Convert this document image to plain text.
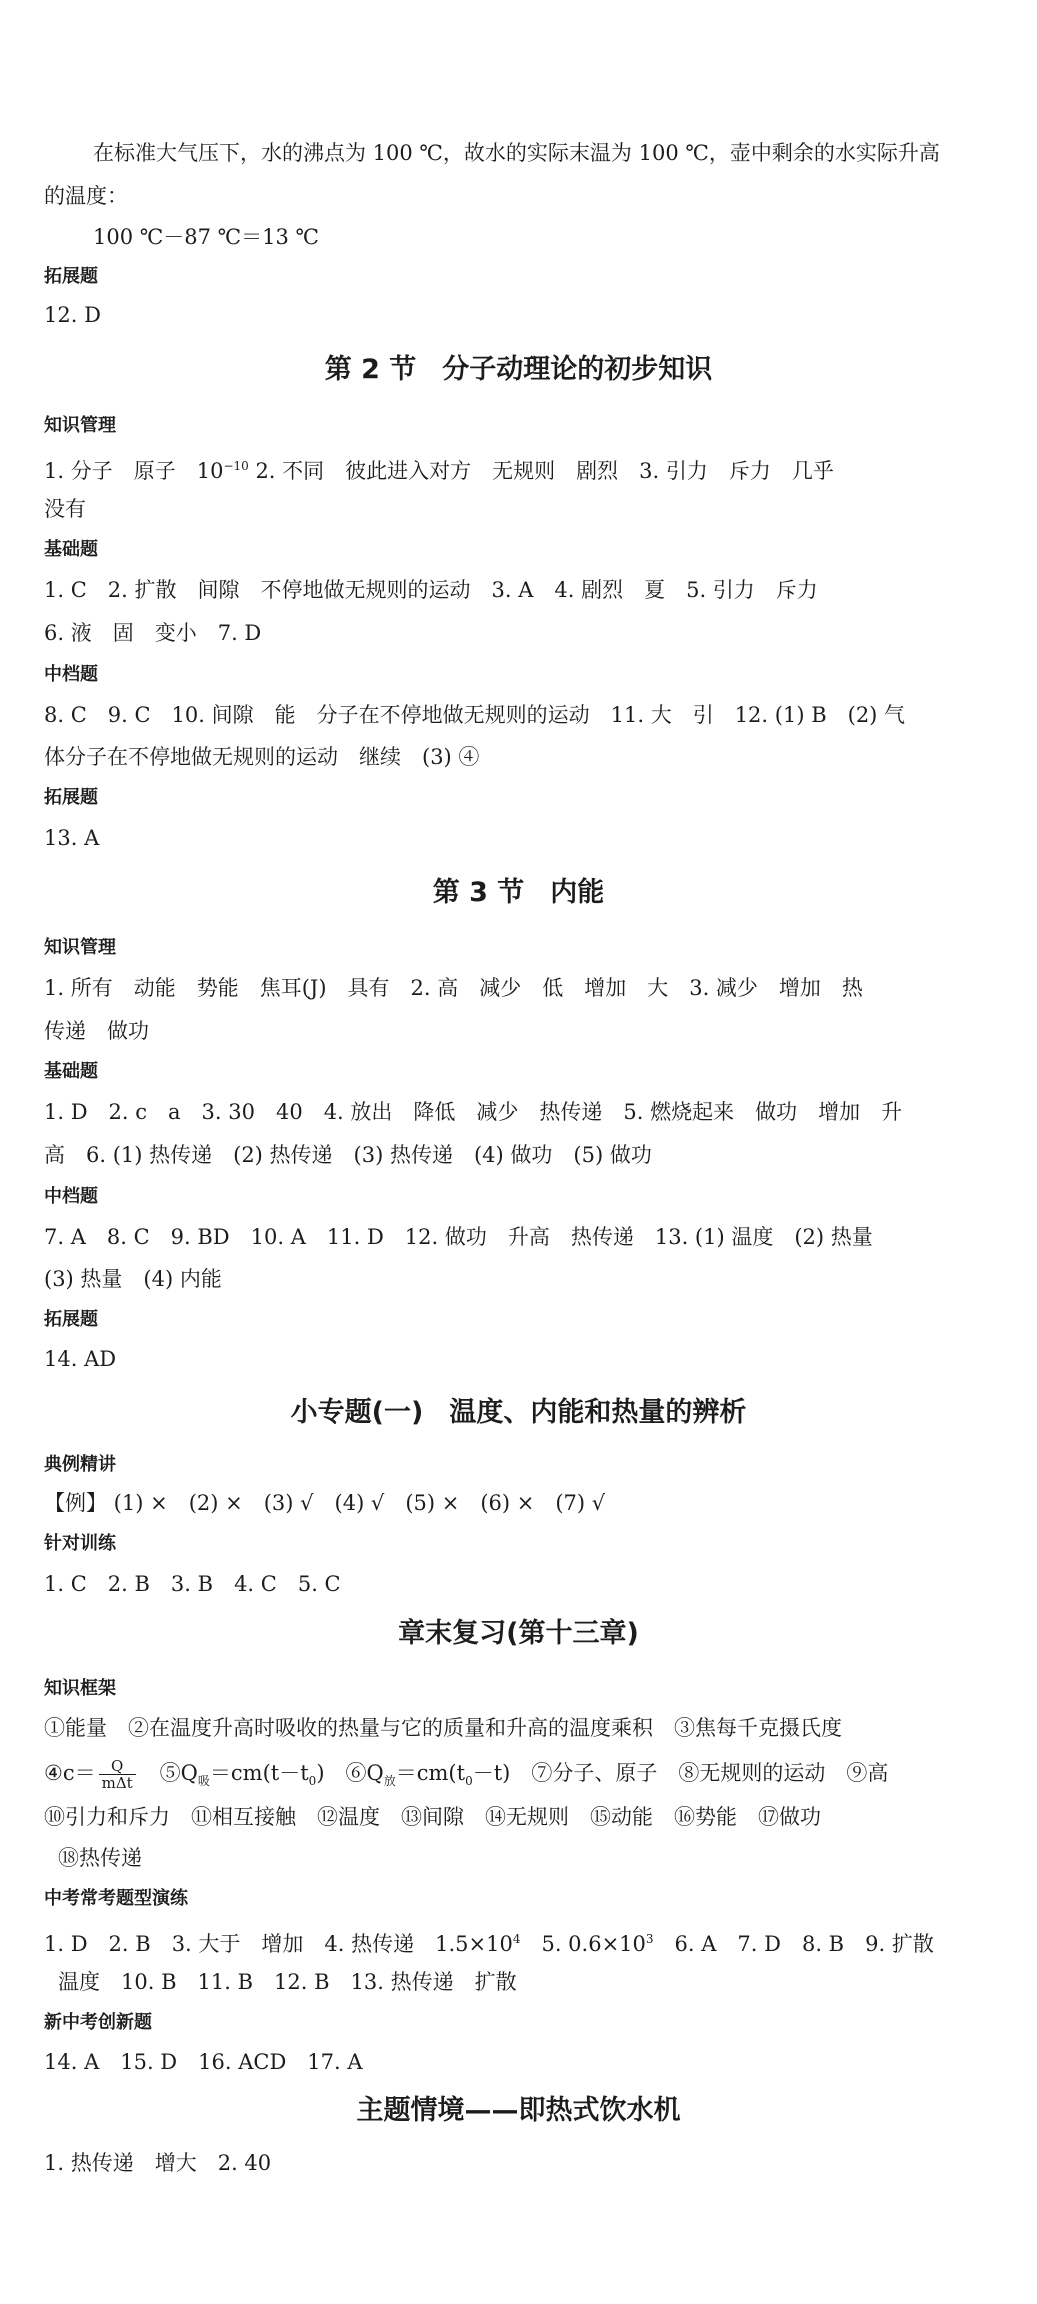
在标准大气压下，水的沸点为 100 ℃，故水的实际末温为 100 ℃，壶中剩余的水实际升高
的温度：
100 ℃－87 ℃＝13 ℃
拓展题
12. D
第 2 节 分子动理论的初步知识
知识管理
1. 分子　原子　$10^{-10}$ 2. 不同　彼此进入对方　无规则　剧烈　3. 引力　斥力　几乎
没有
基础题
1. C　2. 扩散　间隙　不停地做无规则的运动　3. A　4. 剧烈　夏　5. 引力　斥力
6. 液　固　变小　7. D
中档题
8. C　9. C　10. 间隙　能　分子在不停地做无规则的运动　11. 大　引　12. (1) B　(2) 气
体分子在不停地做无规则的运动　继续　(3) ④
拓展题
13. A
第 3 节 内能
知识管理
1. 所有　动能　势能　焦耳(J)　具有　2. 高　减少　低　增加　大　3. 减少　增加　热
传递　做功
基础题
1. D　2. c　a　3. 30　40　4. 放出　降低　减少　热传递　5. 燃烧起来　做功　增加　升
高　6. (1) 热传递　(2) 热传递　(3) 热传递　(4) 做功　(5) 做功
中档题
7. A　8. C　9. BD　10. A　11. D　12. 做功　升高　热传递　13. (1) 温度　(2) 热量
(3) 热量　(4) 内能
拓展题
14. AD
小专题(一) 温度、内能和热量的辨析
典例精讲
【例】 (1) ×　(2) ×　(3) √　(4) √　(5) ×　(6) ×　(7) √
针对训练
1. C　2. B　3. B　4. C　5. C
章末复习(第十三章)
知识框架
①能量　②在温度升高时吸收的热量与它的质量和升高的温度乘积　③焦每千克摄氏度
④c＝ $\frac{Q}{\text{mΔt}}$ 　$⑤Q_吸=cm(t-t_0)$　$⑥Q_放=cm(t_0-t)$　⑦分子、原子　⑧无规则的运动　⑨高
⑩引力和斥力　⑪相互接触　⑫温度　⑬间隙　⑭无规则　⑮动能　⑯势能　⑰做功
⑱热传递
中考常考题型演练
1. D　2. B　3. 大于　增加　4. 热传递　$1.5\times 10^4$　5. $0.6\times 10^3$　6. A　7. D　8. B　9. 扩散
温度　10. B　11. B　12. B　13. 热传递　扩散
新中考创新题
14. A　15. D　16. ACD　17. A
主题情境——即热式饮水机
1. 热传递　增大　2. 40
